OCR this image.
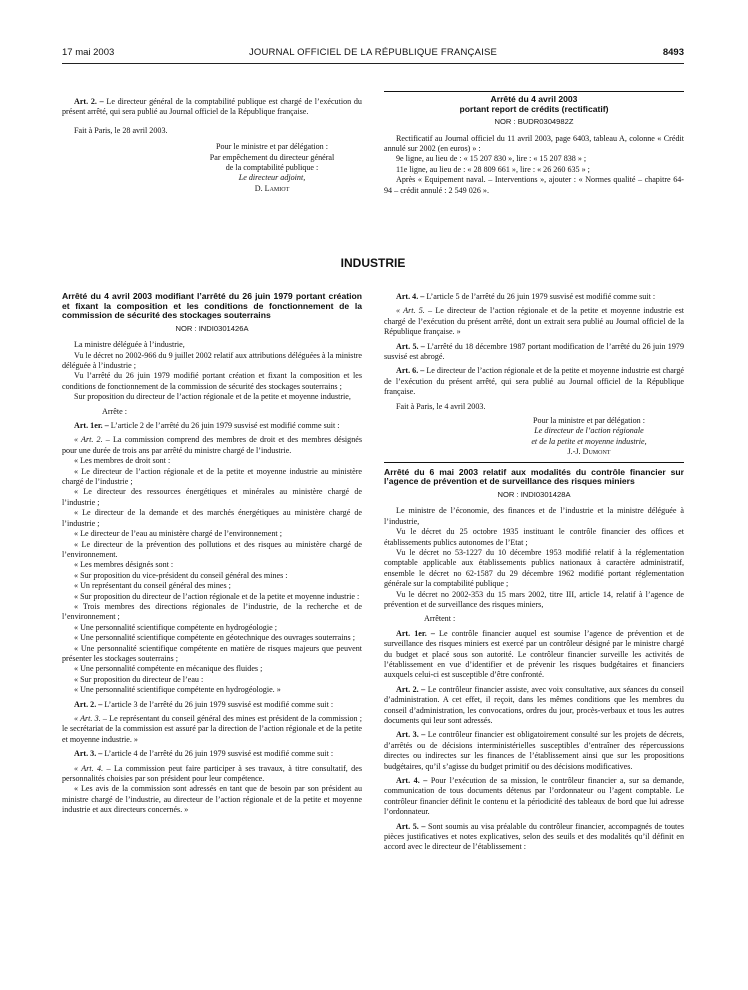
17 mai 2003	JOURNAL OFFICIEL DE LA RÉPUBLIQUE FRANÇAISE	8493

Art. 2. – Le directeur général de la comptabilité publique est chargé de l’exécution du présent arrêté, qui sera publié au Journal officiel de la République française.

Fait à Paris, le 28 avril 2003.

Pour le ministre et par délégation :
Par empêchement du directeur général
de la comptabilité publique :
Le directeur adjoint,
D. Lamiot

Arrêté du 4 avril 2003

portant report de crédits (rectificatif)

NOR : BUDR0304982Z

Rectificatif au Journal officiel du 11 avril 2003, page 6403, tableau A, colonne « Crédit annulé sur 2002 (en euros) » :

9e ligne, au lieu de : « 15 207 830 », lire : « 15 207 838 » ;

11e ligne, au lieu de : « 28 809 661 », lire : « 26 260 635 » ;

Après « Equipement naval. – Interventions », ajouter : « Normes qualité – chapitre 64-94 – crédit annulé : 2 549 026 ».

INDUSTRIE

Arrêté du 4 avril 2003 modifiant l’arrêté du 26 juin 1979 portant création et fixant la composition et les conditions de fonctionnement de la commission de sécurité des stockages souterrains

NOR : INDI0301426A

La ministre déléguée à l’industrie,

Vu le décret no 2002-966 du 9 juillet 2002 relatif aux attributions déléguées à la ministre déléguée à l’industrie ;

Vu l’arrêté du 26 juin 1979 modifié portant création et fixant la composition et les conditions de fonctionnement de la commission de sécurité des stockages souterrains ;

Sur proposition du directeur de l’action régionale et de la petite et moyenne industrie,

Arrête :

Art. 1er. – L’article 2 de l’arrêté du 26 juin 1979 susvisé est modifié comme suit :

« Art. 2. – La commission comprend des membres de droit et des membres désignés pour une durée de trois ans par arrêté du ministre chargé de l’industrie.

« Les membres de droit sont :

« Le directeur de l’action régionale et de la petite et moyenne industrie au ministère chargé de l’industrie ;

« Le directeur des ressources énergétiques et minérales au ministère chargé de l’industrie ;

« Le directeur de la demande et des marchés énergétiques au ministère chargé de l’industrie ;

« Le directeur de l’eau au ministère chargé de l’environnement ;

« Le directeur de la prévention des pollutions et des risques au ministère chargé de l’environnement.

« Les membres désignés sont :

« Sur proposition du vice-président du conseil général des mines :

« Un représentant du conseil général des mines ;

« Sur proposition du directeur de l’action régionale et de la petite et moyenne industrie :

« Trois membres des directions régionales de l’industrie, de la recherche et de l’environnement ;

« Une personnalité scientifique compétente en hydrogéologie ;

« Une personnalité scientifique compétente en géotechnique des ouvrages souterrains ;

« Une personnalité scientifique compétente en matière de risques majeurs que peuvent présenter les stockages souterrains ;

« Une personnalité compétente en mécanique des fluides ;

« Sur proposition du directeur de l’eau :

« Une personnalité scientifique compétente en hydrogéologie. »

Art. 2. – L’article 3 de l’arrêté du 26 juin 1979 susvisé est modifié comme suit :

« Art. 3. – Le représentant du conseil général des mines est président de la commission ; le secrétariat de la commission est assuré par la direction de l’action régionale et de la petite et moyenne industrie. »

Art. 3. – L’article 4 de l’arrêté du 26 juin 1979 susvisé est modifié comme suit :

« Art. 4. – La commission peut faire participer à ses travaux, à titre consultatif, des personnalités choisies par son président pour leur compétence.

« Les avis de la commission sont adressés en tant que de besoin par son président au ministre chargé de l’industrie, au directeur de l’action régionale et de la petite et moyenne industrie et aux directeurs concernés. »

Art. 4. – L’article 5 de l’arrêté du 26 juin 1979 susvisé est modifié comme suit :

« Art. 5. – Le directeur de l’action régionale et de la petite et moyenne industrie est chargé de l’exécution du présent arrêté, dont un extrait sera publié au Journal officiel de la République française. »

Art. 5. – L’arrêté du 18 décembre 1987 portant modification de l’arrêté du 26 juin 1979 susvisé est abrogé.

Art. 6. – Le directeur de l’action régionale et de la petite et moyenne industrie est chargé de l’exécution du présent arrêté, qui sera publié au Journal officiel de la République française.

Fait à Paris, le 4 avril 2003.

Pour la ministre et par délégation :
Le directeur de l’action régionale
et de la petite et moyenne industrie,
J.-J. Dumont

Arrêté du 6 mai 2003 relatif aux modalités du contrôle financier sur l’agence de prévention et de surveillance des risques miniers

NOR : INDI0301428A

Le ministre de l’économie, des finances et de l’industrie et la ministre déléguée à l’industrie,

Vu le décret du 25 octobre 1935 instituant le contrôle financier des offices et établissements publics autonomes de l’Etat ;

Vu le décret no 53-1227 du 10 décembre 1953 modifié relatif à la réglementation comptable applicable aux établissements publics nationaux à caractère administratif, ensemble le décret no 62-1587 du 29 décembre 1962 modifié portant réglementation générale sur la comptabilité publique ;

Vu le décret no 2002-353 du 15 mars 2002, titre III, article 14, relatif à l’agence de prévention et de surveillance des risques miniers,

Arrêtent :

Art. 1er. – Le contrôle financier auquel est soumise l’agence de prévention et de surveillance des risques miniers est exercé par un contrôleur désigné par le ministre chargé du budget et placé sous son autorité. Le contrôleur financier surveille les activités de l’établissement en vue d’identifier et de prévenir les risques budgétaires et financiers auxquels celui-ci est susceptible d’être confronté.

Art. 2. – Le contrôleur financier assiste, avec voix consultative, aux séances du conseil d’administration. A cet effet, il reçoit, dans les mêmes conditions que les membres du conseil d’administration, les convocations, ordres du jour, procès-verbaux et tous les autres documents qui leur sont adressés.

Art. 3. – Le contrôleur financier est obligatoirement consulté sur les projets de décrets, d’arrêtés ou de décisions interministérielles susceptibles d’entraîner des répercussions directes ou indirectes sur les finances de l’établissement ainsi que sur les propositions budgétaires, qu’il s’agisse du budget primitif ou des décisions modificatives.

Art. 4. – Pour l’exécution de sa mission, le contrôleur financier a, sur sa demande, communication de tous documents détenus par l’ordonnateur ou l’agent comptable. Le contrôleur financier définit le contenu et la périodicité des tableaux de bord que lui adresse l’ordonnateur.

Art. 5. – Sont soumis au visa préalable du contrôleur financier, accompagnés de toutes pièces justificatives et notes explicatives, selon des seuils et des modalités qu’il définit en accord avec le directeur de l’établissement :
